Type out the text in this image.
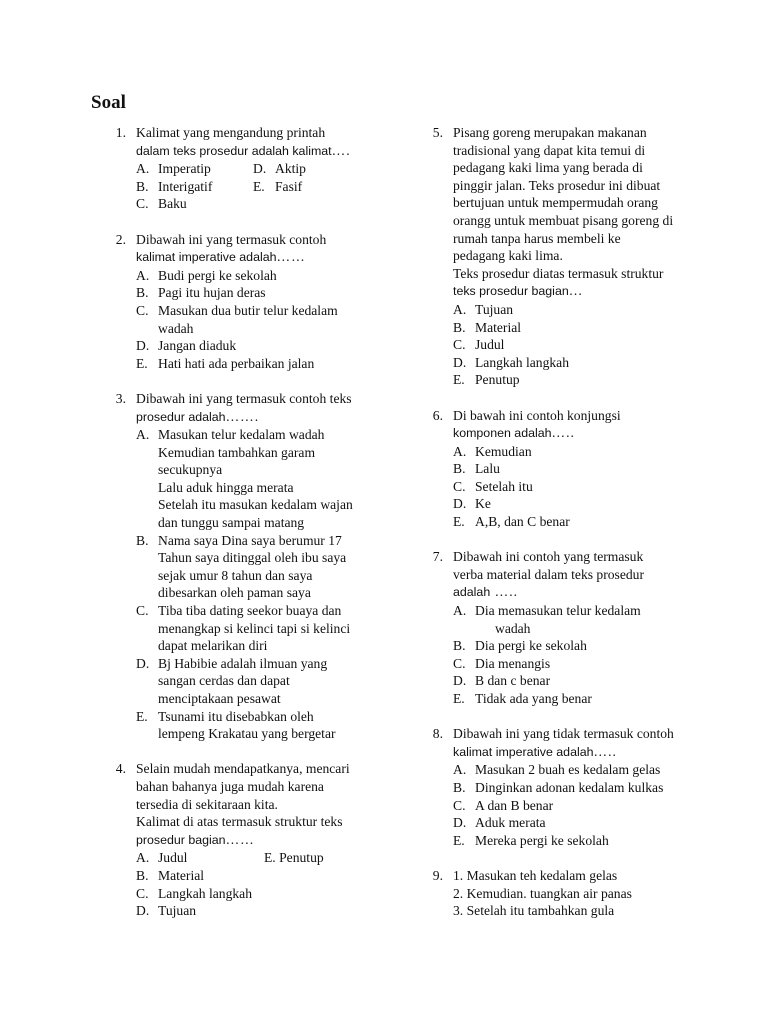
Soal
1. Kalimat yang mengandung printah
dalam teks prosedur adalah kalimat….
A. Imperatip	D. Aktip
B. Interigatif	E. Fasif
C. Baku
2. Dibawah ini yang termasuk contoh
kalimat imperative adalah……
A. Budi pergi ke sekolah
B. Pagi itu hujan deras
C. Masukan dua butir telur kedalam
wadah
D. Jangan diaduk
E. Hati hati ada perbaikan jalan
3. Dibawah ini yang termasuk contoh teks
prosedur adalah…….
A. Masukan telur kedalam wadah
Kemudian tambahkan garam
secukupnya
Lalu aduk hingga merata
Setelah itu masukan kedalam wajan
dan tunggu sampai matang
B. Nama saya Dina saya berumur 17
Tahun saya ditinggal oleh ibu saya
sejak umur 8 tahun dan saya
dibesarkan oleh paman saya
C. Tiba tiba dating seekor buaya dan
menangkap si kelinci tapi si kelinci
dapat melarikan diri
D. Bj Habibie adalah ilmuan yang
sangan cerdas dan dapat
menciptakaan pesawat
E. Tsunami itu disebabkan oleh
lempeng Krakatau yang bergetar
4. Selain mudah mendapatkanya, mencari
bahan bahanya juga mudah karena
tersedia di sekitaraan kita.
Kalimat di atas termasuk struktur teks
prosedur bagian……
A. Judul	E. Penutup
B. Material
C. Langkah langkah
D. Tujuan
5. Pisang goreng merupakan makanan
tradisional yang dapat kita temui di
pedagang kaki lima yang berada di
pinggir jalan. Teks prosedur ini dibuat
bertujuan untuk mempermudah orang
orangg untuk membuat pisang goreng di
rumah tanpa harus membeli ke
pedagang kaki lima.
Teks prosedur diatas termasuk struktur
teks prosedur bagian…
A. Tujuan
B. Material
C. Judul
D. Langkah langkah
E. Penutup
6. Di bawah ini contoh konjungsi
komponen adalah…..
A. Kemudian
B. Lalu
C. Setelah itu
D. Ke
E. A,B, dan C benar
7. Dibawah ini contoh yang termasuk
verba material dalam teks prosedur
adalah …..
A. Dia memasukan telur kedalam
wadah
B. Dia pergi ke sekolah
C. Dia menangis
D. B dan c benar
E. Tidak ada yang benar
8. Dibawah ini yang tidak termasuk contoh
kalimat imperative adalah…..
A. Masukan 2 buah es kedalam gelas
B. Dinginkan adonan kedalam kulkas
C. A dan B benar
D. Aduk merata
E. Mereka pergi ke sekolah
9. 1. Masukan teh kedalam gelas
2. Kemudian. tuangkan air panas
3. Setelah itu tambahkan gula
